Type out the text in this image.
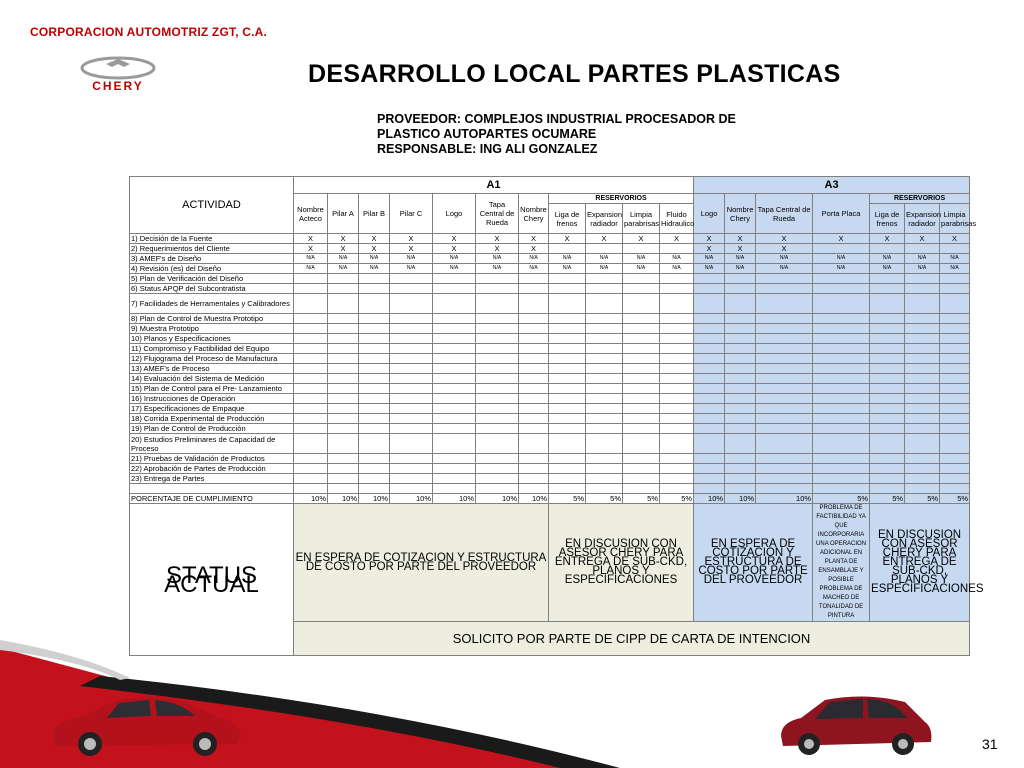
CORPORACION AUTOMOTRIZ ZGT, C.A.
CHERY	DESARROLLO LOCAL PARTES PLASTICAS
PROVEEDOR: COMPLEJOS INDUSTRIAL PROCESADOR DE
PLASTICO AUTOPARTES OCUMARE
RESPONSABLE: ING ALI GONZALEZ
ACTIVIDAD	A1											A3						
	Nombre Acteco	Pilar A	Pilar B	Pilar C	Logo	Tapa Central de Rueda	Nombre Chery	RESERVORIOS				Logo	Nombre Chery	Tapa Central de Rueda	Porta Placa	RESERVORIOS		
								Liga de frenos	Expansion radiador	Limpia parabrisas	Fluido Hidraulico					Liga de frenos	Expansion radiador	Limpia parabrisas
1) Decisión de la Fuente	X	X	X	X	X	X	X	X	X	X	X	X	X	X	X	X	X	X
2) Requerimientos del Cliente	X	X	X	X	X	X	X					X	X	X				
3) AMEF's de Diseño	N/A	N/A	N/A	N/A	N/A	N/A	N/A	N/A	N/A	N/A	N/A	N/A	N/A	N/A	N/A	N/A	N/A	N/A
4) Revisión (es) del Diseño	N/A	N/A	N/A	N/A	N/A	N/A	N/A	N/A	N/A	N/A	N/A	N/A	N/A	N/A	N/A	N/A	N/A	N/A
5) Plan de Verificación del Diseño																		
6) Status APQP del Subcontratista																		
7) Facilidades de Herramentales y Calibradores																		
8) Plan de Control de Muestra Prototipo																		
9) Muestra Prototipo																		
10) Planos y Especificaciones																		
11) Compromiso y Factibilidad del Equipo																		
12) Flujograma del Proceso de Manufactura																		
13) AMEF's de Proceso																		
14) Evaluación del Sistema de Medición																		
15) Plan de Control para el Pre- Lanzamiento																		
16) Instrucciones de Operación																		
17) Especificaciones de Empaque																		
18) Corrida Experimental de Producción																		
19) Plan de Control de Producción																		
20) Estudios Preliminares de Capacidad de Proceso																		
21) Pruebas de Validación de Productos																		
22) Aprobación de Partes de Producción																		
23) Entrega de Partes																		

PORCENTAJE DE CUMPLIMIENTO	10%	10%	10%	10%	10%	10%	10%	5%	5%	5%	5%	10%	10%	10%	5%	5%	5%	5%
STATUS ACTUAL	EN ESPERA DE COTIZACION Y ESTRUCTURA DE COSTO POR PARTE DEL PROVEEDOR							EN DISCUSION CON ASESOR CHERY PARA ENTREGA DE SUB-CKD, PLANOS Y ESPECIFICACIONES				EN ESPERA DE COTIZACION Y ESTRUCTURA DE COSTO POR PARTE DEL PROVEEDOR			PROBLEMA DE FACTIBILIDAD YA QUE INCORPORARIA UNA OPERACION ADICIONAL EN PLANTA DE ENSAMBLAJE Y POSIBLE PROBLEMA DE MACHEO DE TONALIDAD DE PINTURA	EN DISCUSION CON ASESOR CHERY PARA ENTREGA DE SUB-CKD, PLANOS Y ESPECIFICACIONES		
	SOLICITO POR PARTE DE CIPP DE CARTA DE INTENCION																	
31
